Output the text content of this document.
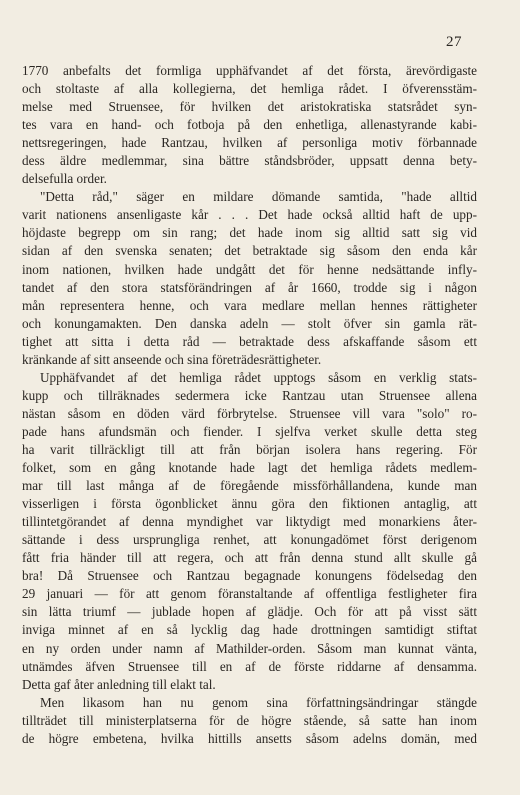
27
1770 anbefalts det formliga upphäfvandet af det första, ärevördigaste
och stoltaste af alla kollegierna, det hemliga rådet. I öfverensstäm-
melse med Struensee, för hvilken det aristokratiska statsrådet syn-
tes vara en hand- och fotboja på den enhetliga, allenastyrande kabi-
nettsregeringen, hade Rantzau, hvilken af personliga motiv förbannade
dess äldre medlemmar, sina bättre ståndsbröder, uppsatt denna bety-
delsefulla order.
"Detta råd," säger en mildare dömande samtida, "hade alltid
varit nationens ansenligaste kår . . . Det hade också alltid haft de upp-
höjdaste begrepp om sin rang; det hade inom sig alltid satt sig vid
sidan af den svenska senaten; det betraktade sig såsom den enda kår
inom nationen, hvilken hade undgått det för henne nedsättande infly-
tandet af den stora statsförändringen af år 1660, trodde sig i någon
mån representera henne, och vara medlare mellan hennes rättigheter
och konungamakten. Den danska adeln — stolt öfver sin gamla rät-
tighet att sitta i detta råd — betraktade dess afskaffande såsom ett
kränkande af sitt anseende och sina företrädesrättigheter.
Upphäfvandet af det hemliga rådet upptogs såsom en verklig stats-
kupp och tillräknades sedermera icke Rantzau utan Struensee allena
nästan såsom en döden värd förbrytelse. Struensee vill vara "solo" ro-
pade hans afundsmän och fiender. I sjelfva verket skulle detta steg
ha varit tillräckligt till att från början isolera hans regering. För
folket, som en gång knotande hade lagt det hemliga rådets medlem-
mar till last många af de föregående missförhållandena, kunde man
visserligen i första ögonblicket ännu göra den fiktionen antaglig, att
tillintetgörandet af denna myndighet var liktydigt med monarkiens åter-
sättande i dess ursprungliga renhet, att konungadömet först derigenom
fått fria händer till att regera, och att från denna stund allt skulle gå
bra! Då Struensee och Rantzau begagnade konungens födelsedag den
29 januari — för att genom föranstaltande af offentliga festligheter fira
sin lätta triumf — jublade hopen af glädje. Och för att på visst sätt
inviga minnet af en så lycklig dag hade drottningen samtidigt stiftat
en ny orden under namn af Mathilder-orden. Såsom man kunnat vänta,
utnämdes äfven Struensee till en af de förste riddarne af densamma.
Detta gaf åter anledning till elakt tal.
Men likasom han nu genom sina författningsändringar stängde
tillträdet till ministerplatserna för de högre stående, så satte han inom
de högre embetena, hvilka hittills ansetts såsom adelns domän, med
